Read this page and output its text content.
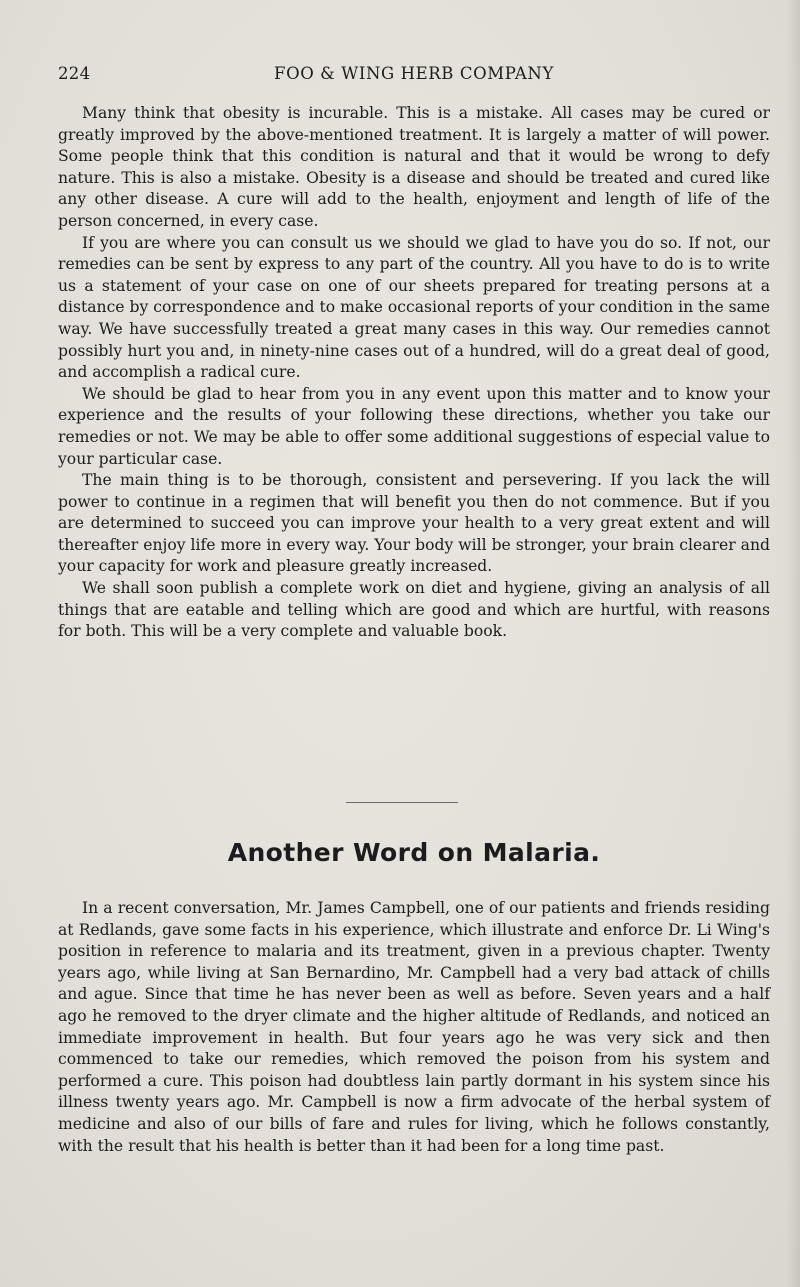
224	FOO & WING HERB COMPANY

Many think that obesity is incurable. This is a mistake. All cases may be cured or greatly improved by the above-mentioned treatment. It is largely a matter of will power. Some people think that this condition is natural and that it would be wrong to defy nature. This is also a mistake. Obesity is a disease and should be treated and cured like any other disease. A cure will add to the health, enjoyment and length of life of the person concerned, in every case.

If you are where you can consult us we should we glad to have you do so. If not, our remedies can be sent by express to any part of the country. All you have to do is to write us a statement of your case on one of our sheets prepared for treating persons at a distance by correspondence and to make occasional reports of your condition in the same way. We have successfully treated a great many cases in this way. Our remedies cannot possibly hurt you and, in ninety-nine cases out of a hundred, will do a great deal of good, and accomplish a radical cure.

We should be glad to hear from you in any event upon this matter and to know your experience and the results of your following these directions, whether you take our remedies or not. We may be able to offer some additional suggestions of especial value to your particular case.

The main thing is to be thorough, consistent and persevering. If you lack the will power to continue in a regimen that will benefit you then do not commence. But if you are determined to succeed you can improve your health to a very great extent and will thereafter enjoy life more in every way. Your body will be stronger, your brain clearer and your capacity for work and pleasure greatly increased.

We shall soon publish a complete work on diet and hygiene, giving an analysis of all things that are eatable and telling which are good and which are hurtful, with reasons for both. This will be a very complete and valuable book.

Another Word on Malaria.

In a recent conversation, Mr. James Campbell, one of our patients and friends residing at Redlands, gave some facts in his experience, which illustrate and enforce Dr. Li Wing's position in reference to malaria and its treatment, given in a previous chapter. Twenty years ago, while living at San Bernardino, Mr. Campbell had a very bad attack of chills and ague. Since that time he has never been as well as before. Seven years and a half ago he removed to the dryer climate and the higher altitude of Redlands, and noticed an immediate improvement in health. But four years ago he was very sick and then commenced to take our remedies, which removed the poison from his system and performed a cure. This poison had doubtless lain partly dormant in his system since his illness twenty years ago. Mr. Campbell is now a firm advocate of the herbal system of medicine and also of our bills of fare and rules for living, which he follows constantly, with the result that his health is better than it had been for a long time past.
